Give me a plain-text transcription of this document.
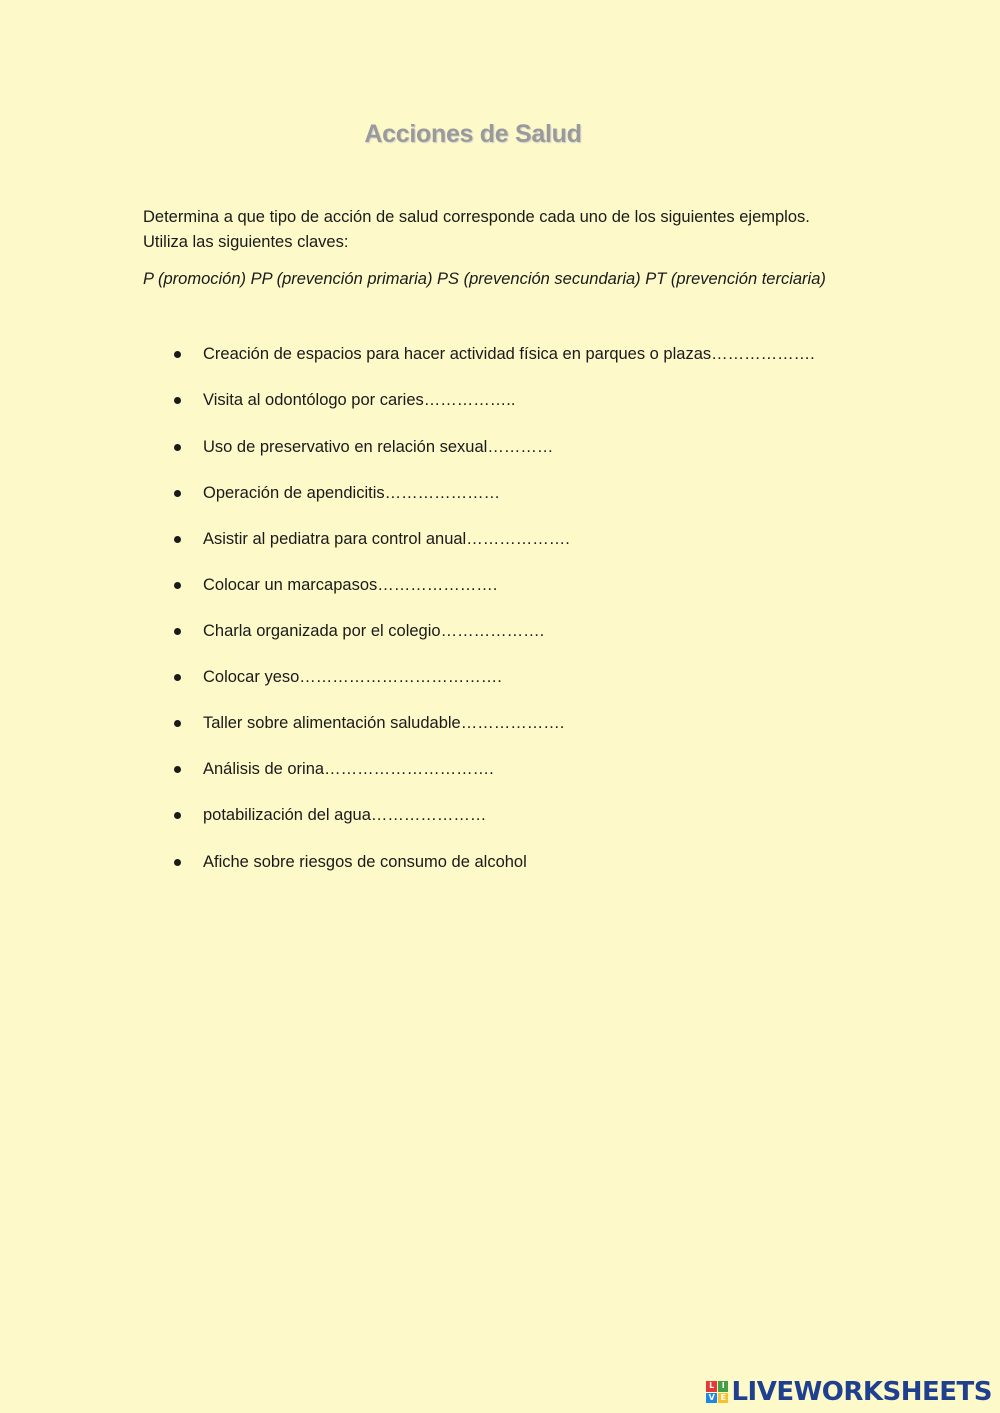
Acciones de Salud
Determina a que tipo de acción de salud corresponde cada uno de los siguientes ejemplos.
Utiliza las siguientes claves:
P (promoción) PP (prevención primaria) PS (prevención secundaria) PT (prevención terciaria)
Creación de espacios para hacer actividad física en parques o plazas……………….
Visita al odontólogo por caries……………..
Uso de preservativo en relación sexual…………
Operación de apendicitis…………………
Asistir al pediatra para control anual……………….
Colocar un marcapasos………………….
Charla organizada por el colegio……………….
Colocar yeso……………………………….
Taller sobre alimentación saludable……………….
Análisis de orina………………………….
potabilización del agua…………………
Afiche sobre riesgos de consumo de alcohol
L I
V E LIVEWORKSHEETS
